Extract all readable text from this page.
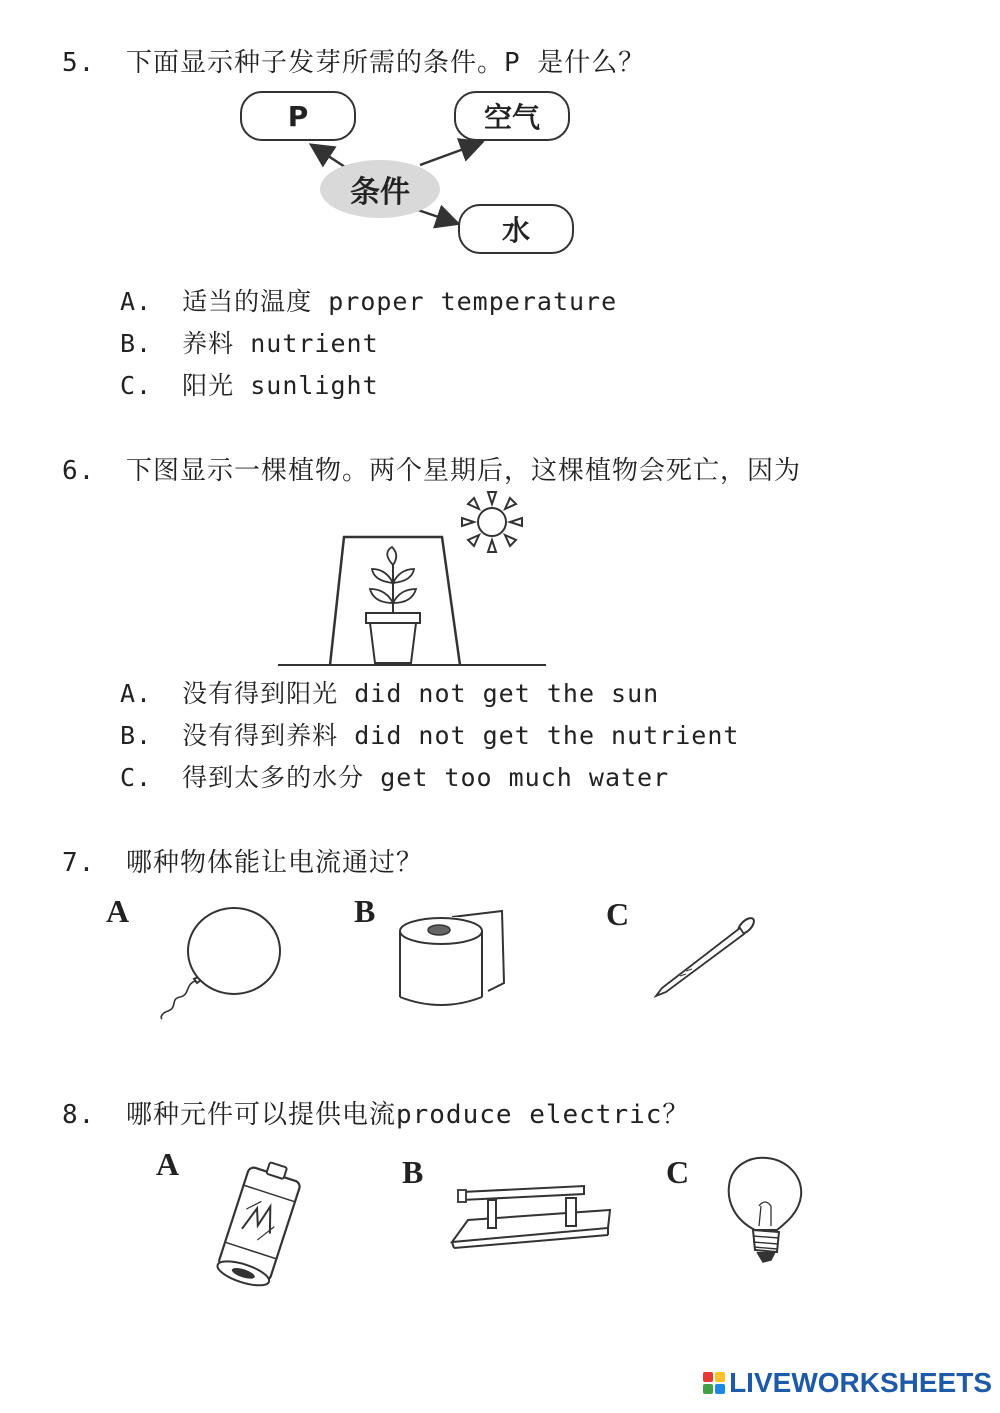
5. 下面显示种子发芽所需的条件。P 是什么？
P	空气
水
条件
A. 适当的温度 proper temperature
B. 养料 nutrient
C. 阳光 sunlight
6. 下图显示一棵植物。两个星期后，这棵植物会死亡，因为
A. 没有得到阳光 did not get the sun
B. 没有得到养料 did not get the nutrient
C. 得到太多的水分 get too much water
7. 哪种物体能让电流通过？
A	B	C
8. 哪种元件可以提供电流produce electric？
A	B	C
LIVEWORKSHEETS
